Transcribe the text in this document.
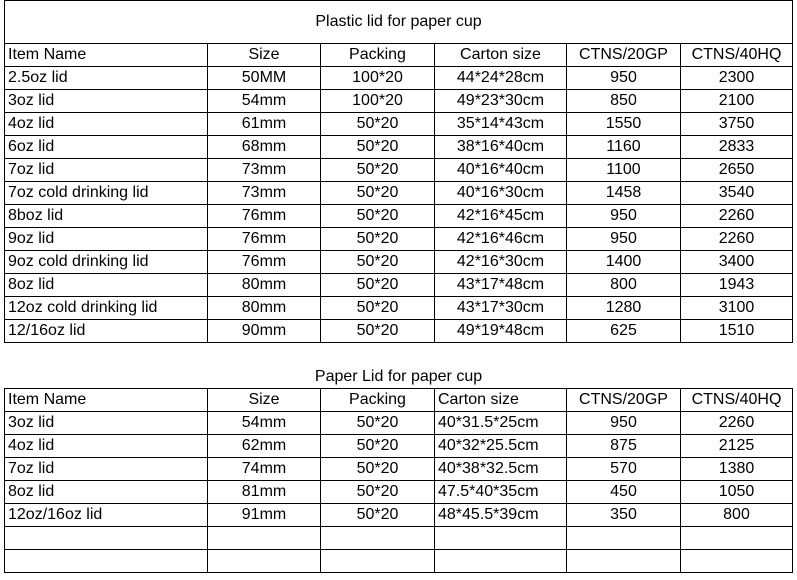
Plastic lid for paper cup					
Item Name	Size	Packing	Carton size	CTNS/20GP	CTNS/40HQ
2.5oz lid	50MM	100*20	44*24*28cm	950	2300
3oz lid	54mm	100*20	49*23*30cm	850	2100
4oz lid	61mm	50*20	35*14*43cm	1550	3750
6oz lid	68mm	50*20	38*16*40cm	1160	2833
7oz lid	73mm	50*20	40*16*40cm	1100	2650
7oz cold drinking lid	73mm	50*20	40*16*30cm	1458	3540
8boz lid	76mm	50*20	42*16*45cm	950	2260
9oz lid	76mm	50*20	42*16*46cm	950	2260
9oz cold drinking lid	76mm	50*20	42*16*30cm	1400	3400
8oz lid	80mm	50*20	43*17*48cm	800	1943
12oz cold drinking lid	80mm	50*20	43*17*30cm	1280	3100
12/16oz lid	90mm	50*20	49*19*48cm	625	1510
Paper Lid for paper cup					
Item Name	Size	Packing	Carton size	CTNS/20GP	CTNS/40HQ
3oz lid	54mm	50*20	40*31.5*25cm	950	2260
4oz lid	62mm	50*20	40*32*25.5cm	875	2125
7oz lid	74mm	50*20	40*38*32.5cm	570	1380
8oz lid	81mm	50*20	47.5*40*35cm	450	1050
12oz/16oz lid	91mm	50*20	48*45.5*39cm	350	800
